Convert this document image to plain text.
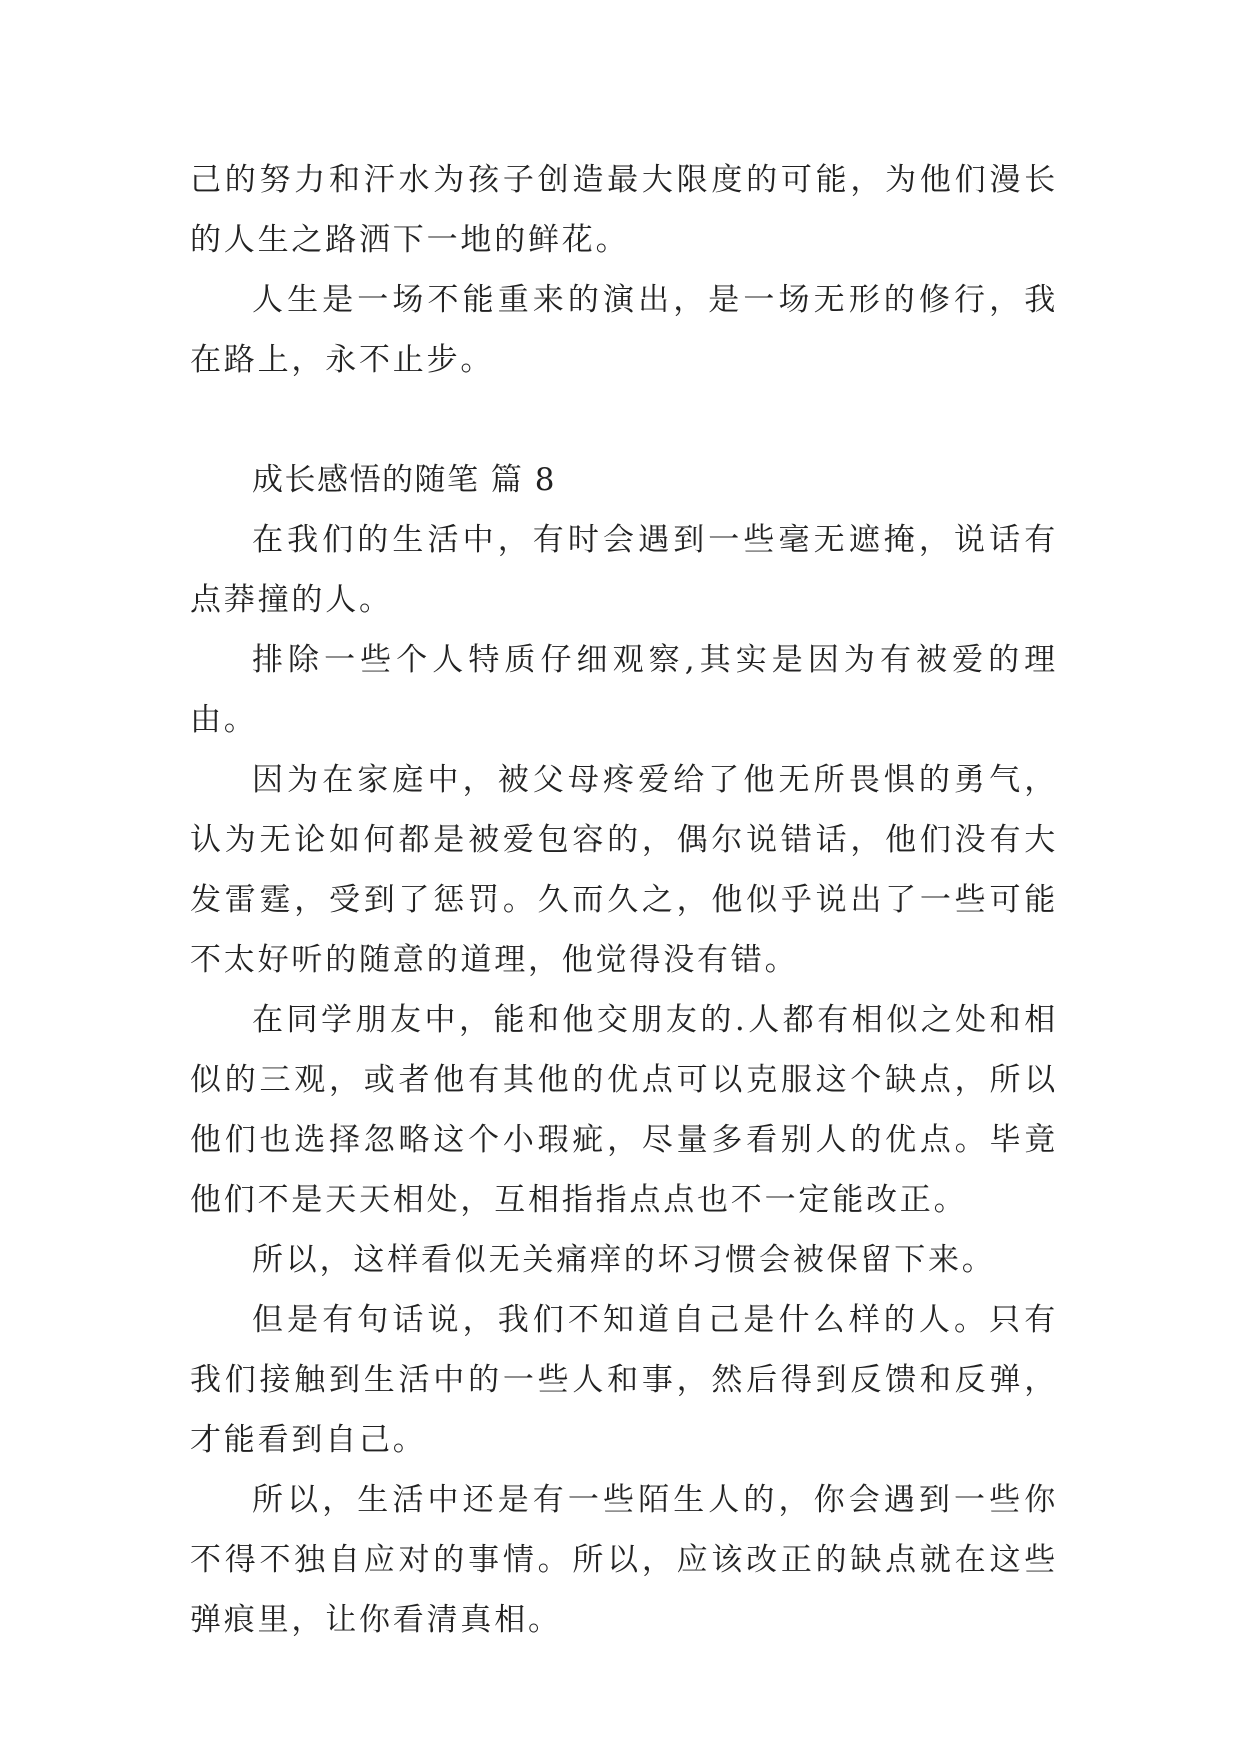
己的努力和汗水为孩子创造最大限度的可能，为他们漫长的人生之路洒下一地的鲜花。

人生是一场不能重来的演出，是一场无形的修行，我在路上，永不止步。

成长感悟的随笔 篇 8

在我们的生活中，有时会遇到一些毫无遮掩，说话有点莽撞的人。

排除一些个人特质仔细观察,其实是因为有被爱的理由。

因为在家庭中，被父母疼爱给了他无所畏惧的勇气，认为无论如何都是被爱包容的，偶尔说错话，他们没有大发雷霆，受到了惩罚。久而久之，他似乎说出了一些可能不太好听的随意的道理，他觉得没有错。

在同学朋友中，能和他交朋友的.人都有相似之处和相似的三观，或者他有其他的优点可以克服这个缺点，所以他们也选择忽略这个小瑕疵，尽量多看别人的优点。毕竟他们不是天天相处，互相指指点点也不一定能改正。

所以，这样看似无关痛痒的坏习惯会被保留下来。

但是有句话说，我们不知道自己是什么样的人。只有我们接触到生活中的一些人和事，然后得到反馈和反弹，才能看到自己。

所以，生活中还是有一些陌生人的，你会遇到一些你不得不独自应对的事情。所以，应该改正的缺点就在这些弹痕里，让你看清真相。
